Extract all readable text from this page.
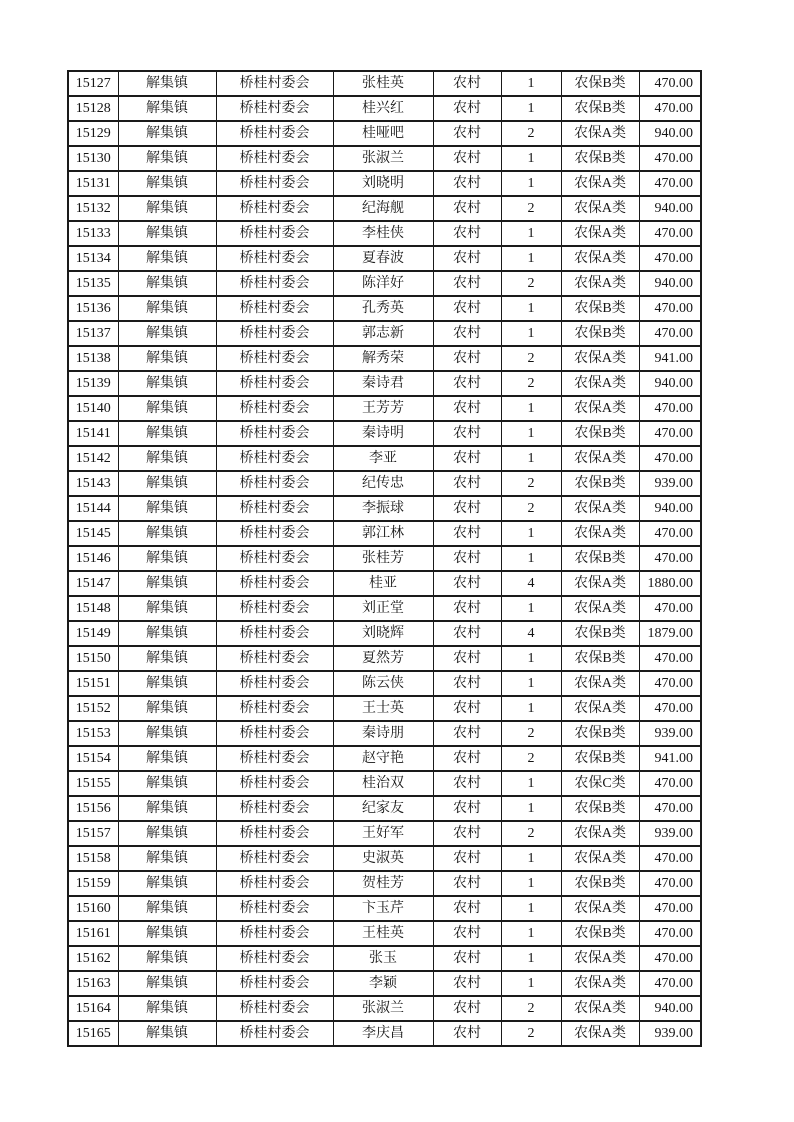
15127	解集镇	桥桂村委会	张桂英	农村	1	农保B类	470.00
15128	解集镇	桥桂村委会	桂兴红	农村	1	农保B类	470.00
15129	解集镇	桥桂村委会	桂哑吧	农村	2	农保A类	940.00
15130	解集镇	桥桂村委会	张淑兰	农村	1	农保B类	470.00
15131	解集镇	桥桂村委会	刘晓明	农村	1	农保A类	470.00
15132	解集镇	桥桂村委会	纪海舰	农村	2	农保A类	940.00
15133	解集镇	桥桂村委会	李桂侠	农村	1	农保A类	470.00
15134	解集镇	桥桂村委会	夏春波	农村	1	农保A类	470.00
15135	解集镇	桥桂村委会	陈洋好	农村	2	农保A类	940.00
15136	解集镇	桥桂村委会	孔秀英	农村	1	农保B类	470.00
15137	解集镇	桥桂村委会	郭志新	农村	1	农保B类	470.00
15138	解集镇	桥桂村委会	解秀荣	农村	2	农保A类	941.00
15139	解集镇	桥桂村委会	秦诗君	农村	2	农保A类	940.00
15140	解集镇	桥桂村委会	王芳芳	农村	1	农保A类	470.00
15141	解集镇	桥桂村委会	秦诗明	农村	1	农保B类	470.00
15142	解集镇	桥桂村委会	李亚	农村	1	农保A类	470.00
15143	解集镇	桥桂村委会	纪传忠	农村	2	农保B类	939.00
15144	解集镇	桥桂村委会	李振球	农村	2	农保A类	940.00
15145	解集镇	桥桂村委会	郭江林	农村	1	农保A类	470.00
15146	解集镇	桥桂村委会	张桂芳	农村	1	农保B类	470.00
15147	解集镇	桥桂村委会	桂亚	农村	4	农保A类	1880.00
15148	解集镇	桥桂村委会	刘正堂	农村	1	农保A类	470.00
15149	解集镇	桥桂村委会	刘晓辉	农村	4	农保B类	1879.00
15150	解集镇	桥桂村委会	夏然芳	农村	1	农保B类	470.00
15151	解集镇	桥桂村委会	陈云侠	农村	1	农保A类	470.00
15152	解集镇	桥桂村委会	王士英	农村	1	农保A类	470.00
15153	解集镇	桥桂村委会	秦诗朋	农村	2	农保B类	939.00
15154	解集镇	桥桂村委会	赵守艳	农村	2	农保B类	941.00
15155	解集镇	桥桂村委会	桂治双	农村	1	农保C类	470.00
15156	解集镇	桥桂村委会	纪家友	农村	1	农保B类	470.00
15157	解集镇	桥桂村委会	王好军	农村	2	农保A类	939.00
15158	解集镇	桥桂村委会	史淑英	农村	1	农保A类	470.00
15159	解集镇	桥桂村委会	贺桂芳	农村	1	农保B类	470.00
15160	解集镇	桥桂村委会	卞玉芹	农村	1	农保A类	470.00
15161	解集镇	桥桂村委会	王桂英	农村	1	农保B类	470.00
15162	解集镇	桥桂村委会	张玉	农村	1	农保A类	470.00
15163	解集镇	桥桂村委会	李颖	农村	1	农保A类	470.00
15164	解集镇	桥桂村委会	张淑兰	农村	2	农保A类	940.00
15165	解集镇	桥桂村委会	李庆昌	农村	2	农保A类	939.00
